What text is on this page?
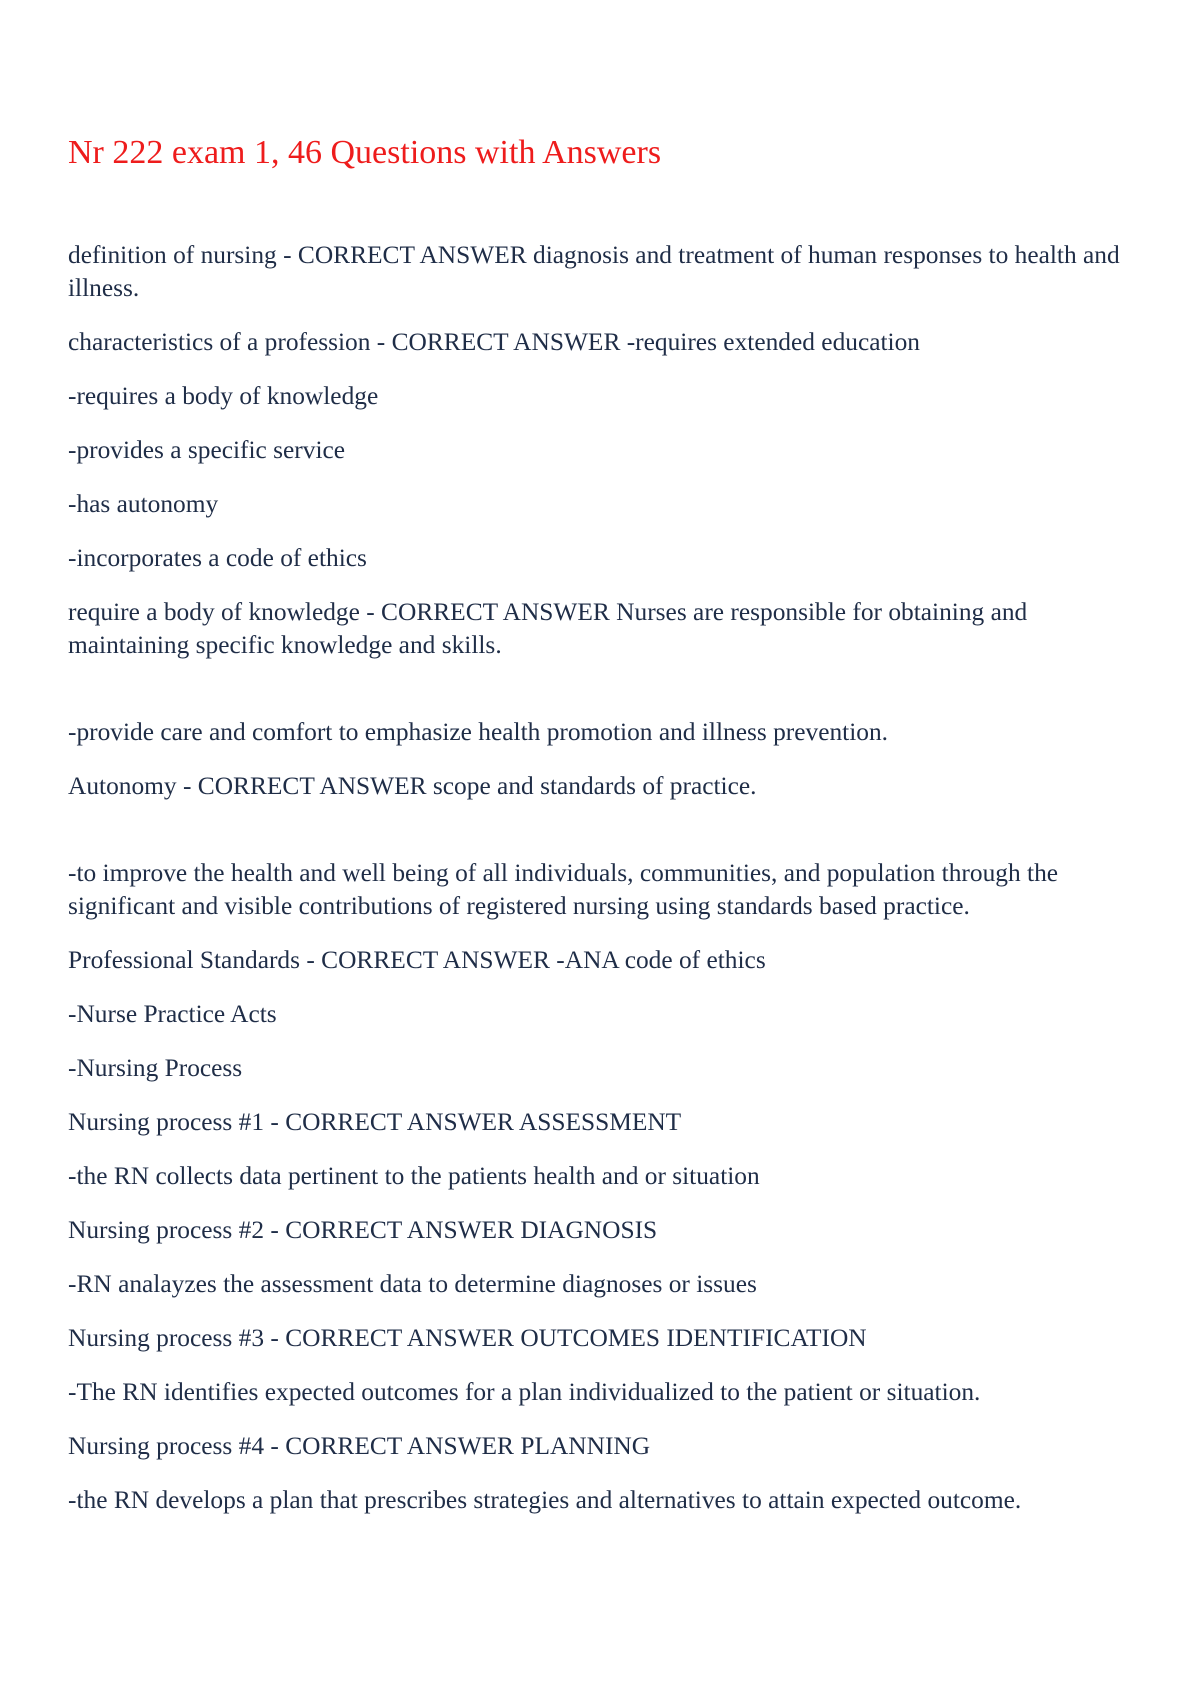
Nr 222 exam 1, 46 Questions with Answers

definition of nursing - CORRECT ANSWER diagnosis and treatment of human responses to health and illness.

characteristics of a profession - CORRECT ANSWER -requires extended education

-requires a body of knowledge

-provides a specific service

-has autonomy

-incorporates a code of ethics

require a body of knowledge - CORRECT ANSWER Nurses are responsible for obtaining and maintaining specific knowledge and skills.

-provide care and comfort to emphasize health promotion and illness prevention.

Autonomy - CORRECT ANSWER scope and standards of practice.

-to improve the health and well being of all individuals, communities, and population through the significant and visible contributions of registered nursing using standards based practice.

Professional Standards - CORRECT ANSWER -ANA code of ethics

-Nurse Practice Acts

-Nursing Process

Nursing process #1 - CORRECT ANSWER ASSESSMENT

-the RN collects data pertinent to the patients health and or situation

Nursing process #2 - CORRECT ANSWER DIAGNOSIS

-RN analayzes the assessment data to determine diagnoses or issues

Nursing process #3 - CORRECT ANSWER OUTCOMES IDENTIFICATION

-The RN identifies expected outcomes for a plan individualized to the patient or situation.

Nursing process #4 - CORRECT ANSWER PLANNING

-the RN develops a plan that prescribes strategies and alternatives to attain expected outcome.
